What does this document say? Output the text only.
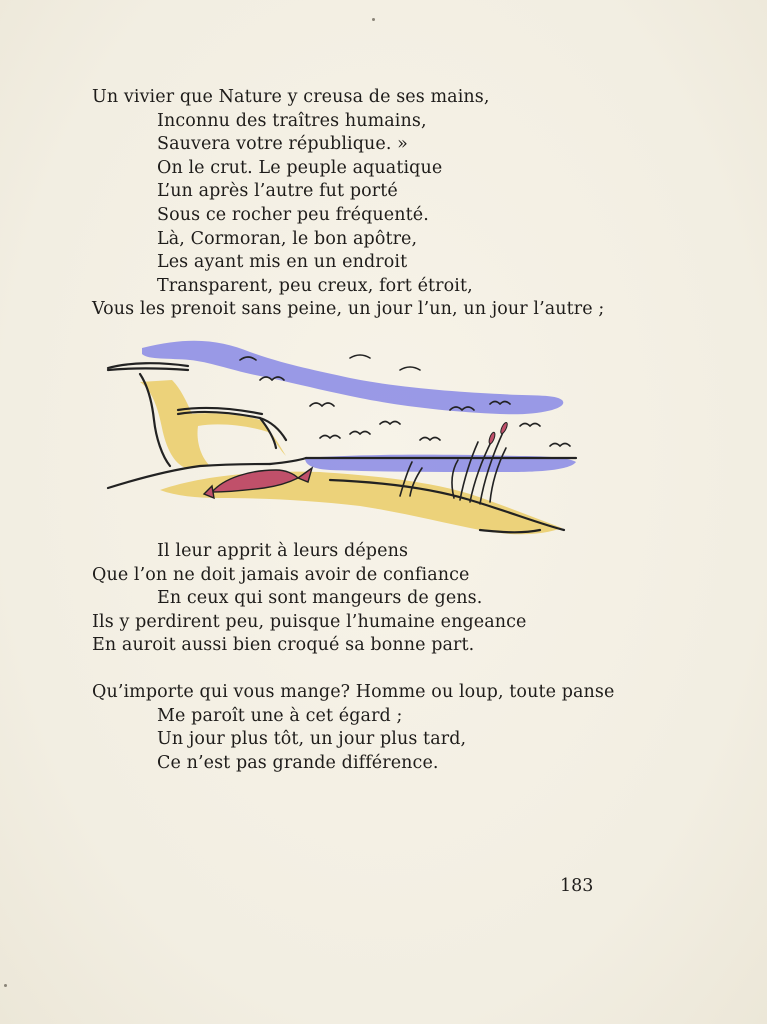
Un vivier que Nature y creusa de ses mains,
Inconnu des traîtres humains,
Sauvera votre république. »
On le crut. Le peuple aquatique
L’un après l’autre fut porté
Sous ce rocher peu fréquenté.
Là, Cormoran, le bon apôtre,
Les ayant mis en un endroit
Transparent, peu creux, fort étroit,
Vous les prenoit sans peine, un jour l’un, un jour l’autre ;
Il leur apprit à leurs dépens
Que l’on ne doit jamais avoir de confiance
En ceux qui sont mangeurs de gens.
Ils y perdirent peu, puisque l’humaine engeance
En auroit aussi bien croqué sa bonne part.
Qu’importe qui vous mange? Homme ou loup, toute panse
Me paroît une à cet égard ;
Un jour plus tôt, un jour plus tard,
Ce n’est pas grande différence.
183
